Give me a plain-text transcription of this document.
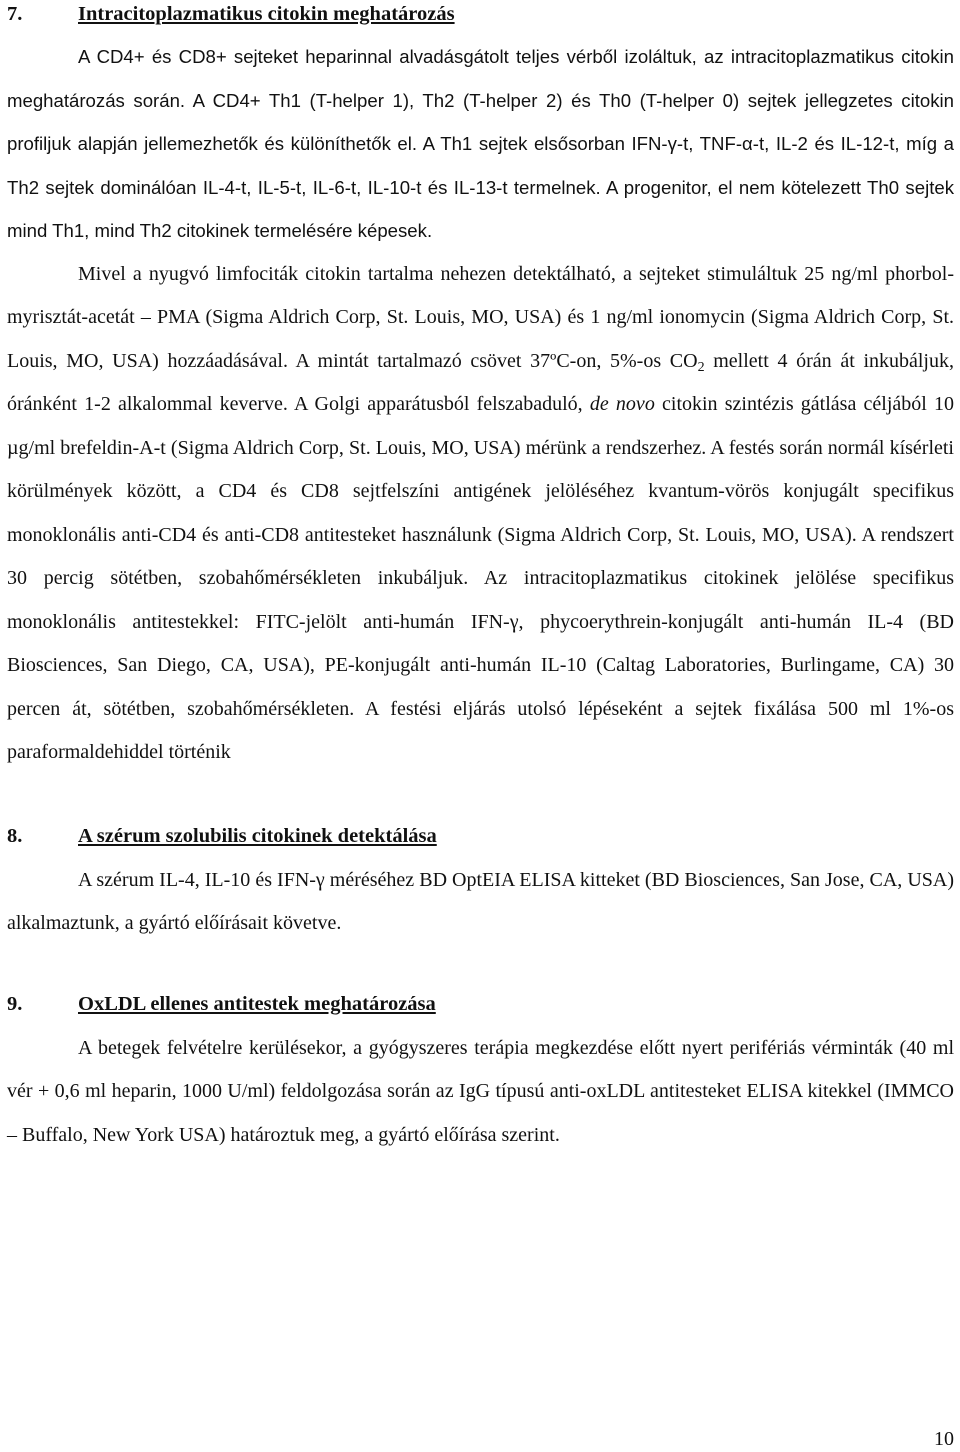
7.	Intracitoplazmatikus citokin meghatározás

A CD4+ és CD8+ sejteket heparinnal alvadásgátolt teljes vérből izoláltuk, az intracitoplazmatikus citokin meghatározás során. A CD4+ Th1 (T-helper 1), Th2 (T-helper 2) és Th0 (T-helper 0) sejtek jellegzetes citokin profiljuk alapján jellemezhetők és különíthetők el. A Th1 sejtek elsősorban IFN-γ-t, TNF-α-t, IL-2 és IL-12-t, míg a Th2 sejtek dominálóan IL-4-t, IL-5-t, IL-6-t, IL-10-t és IL-13-t termelnek. A progenitor, el nem kötelezett Th0 sejtek mind Th1, mind Th2 citokinek termelésére képesek.

Mivel a nyugvó limfociták citokin tartalma nehezen detektálható, a sejteket stimuláltuk 25 ng/ml phorbol-myrisztát-acetát – PMA (Sigma Aldrich Corp, St. Louis, MO, USA) és 1 ng/ml ionomycin (Sigma Aldrich Corp, St. Louis, MO, USA) hozzáadásával. A mintát tartalmazó csövet 37ºC-on, 5%-os $CO_2$ mellett 4 órán át inkubáljuk, óránként 1-2 alkalommal keverve. A Golgi apparátusból felszabaduló, de novo citokin szintézis gátlása céljából 10 µg/ml brefeldin-A-t (Sigma Aldrich Corp, St. Louis, MO, USA) mérünk a rendszerhez. A festés során normál kísérleti körülmények között, a CD4 és CD8 sejtfelszíni antigének jelöléséhez kvantum-vörös konjugált specifikus monoklonális anti-CD4 és anti-CD8 antitesteket használunk (Sigma Aldrich Corp, St. Louis, MO, USA). A rendszert 30 percig sötétben, szobahőmérsékleten inkubáljuk. Az intracitoplazmatikus citokinek jelölése specifikus monoklonális antitestekkel: FITC-jelölt anti-humán IFN-γ, phycoerythrein-konjugált anti-humán IL-4 (BD Biosciences, San Diego, CA, USA), PE-konjugált anti-humán IL-10 (Caltag Laboratories, Burlingame, CA) 30 percen át, sötétben, szobahőmérsékleten. A festési eljárás utolsó lépéseként a sejtek fixálása 500 ml 1%-os paraformaldehiddel történik

8.	A szérum szolubilis citokinek detektálása

A szérum IL-4, IL-10 és IFN-γ méréséhez BD OptEIA ELISA kitteket (BD Biosciences, San Jose, CA, USA) alkalmaztunk, a gyártó előírásait követve.

9.	OxLDL ellenes antitestek meghatározása

A betegek felvételre kerülésekor, a gyógyszeres terápia megkezdése előtt nyert perifériás vérminták (40 ml vér + 0,6 ml heparin, 1000 U/ml) feldolgozása során az IgG típusú anti-oxLDL antitesteket ELISA kitekkel (IMMCO – Buffalo, New York USA) határoztuk meg, a gyártó előírása szerint.

10
